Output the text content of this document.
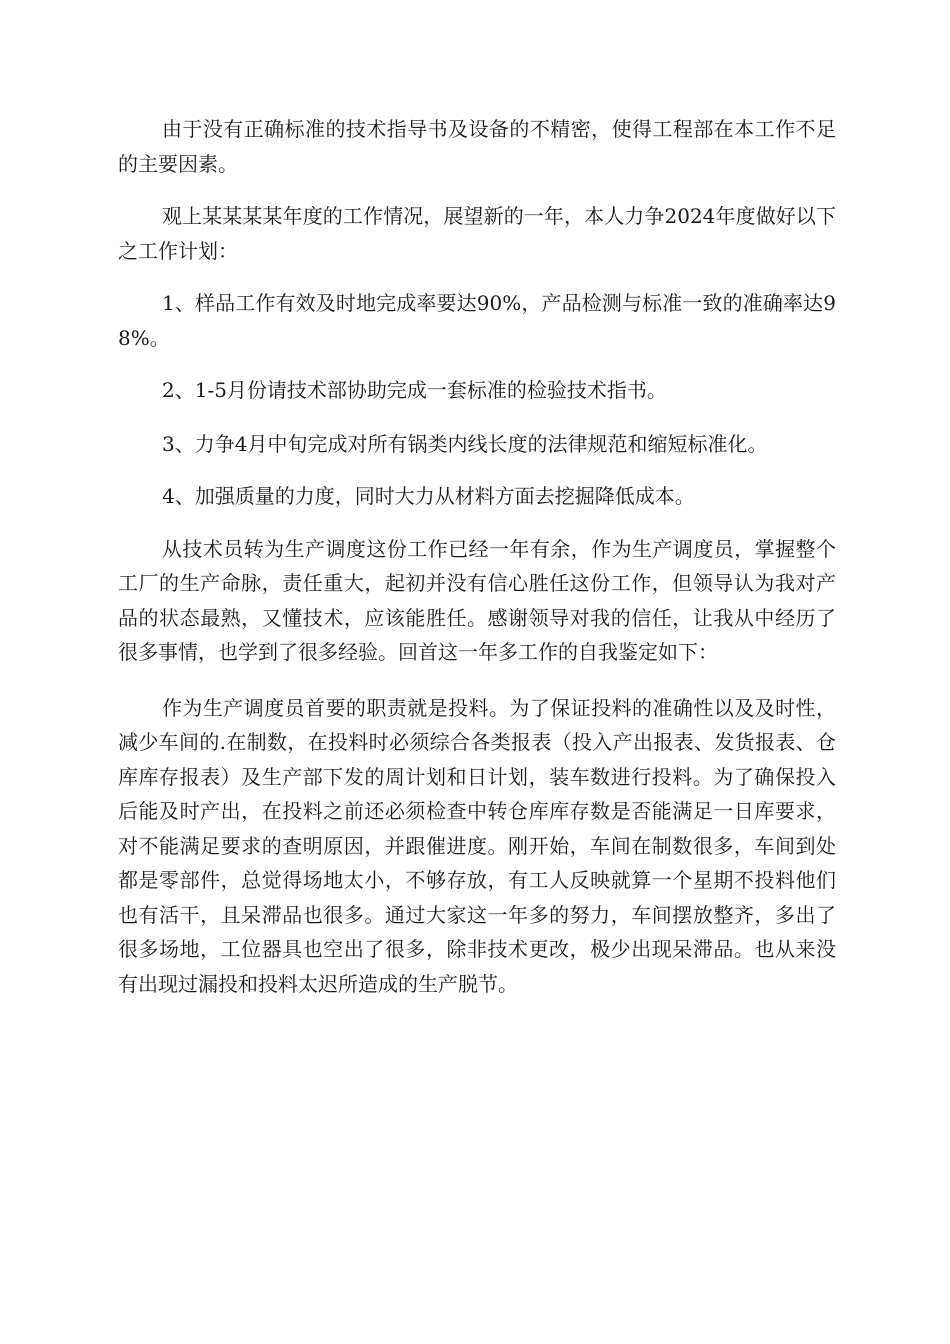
由于没有正确标准的技术指导书及设备的不精密，使得工程部在本工作不足的主要因素。

观上某某某某年度的工作情况，展望新的一年，本人力争2024年度做好以下之工作计划：

1、样品工作有效及时地完成率要达90%，产品检测与标准一致的准确率达98%。

2、1-5月份请技术部协助完成一套标准的检验技术指书。

3、力争4月中旬完成对所有锅类内线长度的法律规范和缩短标准化。

4、加强质量的力度，同时大力从材料方面去挖掘降低成本。

从技术员转为生产调度这份工作已经一年有余，作为生产调度员，掌握整个工厂的生产命脉，责任重大，起初并没有信心胜任这份工作，但领导认为我对产品的状态最熟，又懂技术，应该能胜任。感谢领导对我的信任，让我从中经历了很多事情，也学到了很多经验。回首这一年多工作的自我鉴定如下：

作为生产调度员首要的职责就是投料。为了保证投料的准确性以及及时性，减少车间的.在制数，在投料时必须综合各类报表（投入产出报表、发货报表、仓库库存报表）及生产部下发的周计划和日计划，装车数进行投料。为了确保投入后能及时产出，在投料之前还必须检查中转仓库库存数是否能满足一日库要求，对不能满足要求的查明原因，并跟催进度。刚开始，车间在制数很多，车间到处都是零部件，总觉得场地太小，不够存放，有工人反映就算一个星期不投料他们也有活干，且呆滞品也很多。通过大家这一年多的努力，车间摆放整齐，多出了很多场地，工位器具也空出了很多，除非技术更改，极少出现呆滞品。也从来没有出现过漏投和投料太迟所造成的生产脱节。
